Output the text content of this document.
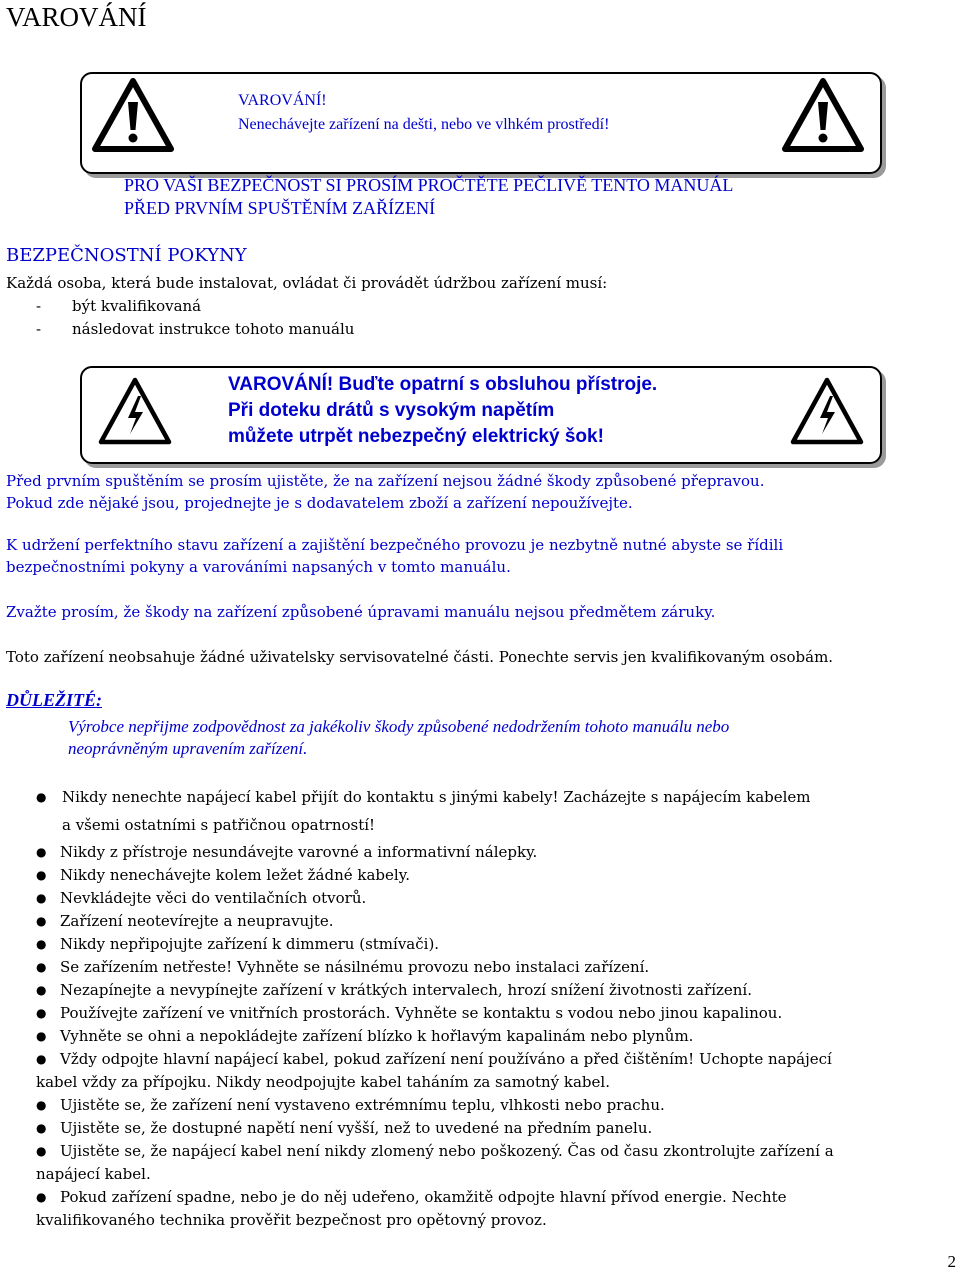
VAROVÁNÍ
VAROVÁNÍ!
Nenechávejte zařízení na dešti, nebo ve vlhkém prostředí!
PRO VAŠI BEZPEČNOST SI PROSÍM PROČTĚTE PEČLIVĚ TENTO MANUÁL
PŘED PRVNÍM SPUŠTĚNÍM ZAŘÍZENÍ
BEZPEČNOSTNÍ POKYNY
Každá osoba, která bude instalovat, ovládat či provádět údržbou zařízení musí:
- být kvalifikovaná
- následovat instrukce tohoto manuálu
VAROVÁNÍ! Buďte opatrní s obsluhou přístroje.
Při doteku drátů s vysokým napětím
můžete utrpět nebezpečný elektrický šok!
Před prvním spuštěním se prosím ujistěte, že na zařízení nejsou žádné škody způsobené přepravou.
Pokud zde nějaké jsou, projednejte je s dodavatelem zboží a zařízení nepoužívejte.
K udržení perfektního stavu zařízení a zajištění bezpečného provozu je nezbytně nutné abyste se řídili
bezpečnostními pokyny a varováními napsaných v tomto manuálu.
Zvažte prosím, že škody na zařízení způsobené úpravami manuálu nejsou předmětem záruky.
Toto zařízení neobsahuje žádné uživatelsky servisovatelné části. Ponechte servis jen kvalifikovaným osobám.
DŮLEŽITÉ:
Výrobce nepřijme zodpovědnost za jakékoliv škody způsobené nedodržením tohoto manuálu nebo
neoprávněným upravením zařízení.
● Nikdy nenechte napájecí kabel přijít do kontaktu s jinými kabely! Zacházejte s napájecím kabelem
a všemi ostatními s patřičnou opatrností!
● Nikdy z přístroje nesundávejte varovné a informativní nálepky.
● Nikdy nenechávejte kolem ležet žádné kabely.
● Nevkládejte věci do ventilačních otvorů.
● Zařízení neotevírejte a neupravujte.
● Nikdy nepřipojujte zařízení k dimmeru (stmívači).
● Se zařízením netřeste! Vyhněte se násilnému provozu nebo instalaci zařízení.
● Nezapínejte a nevypínejte zařízení v krátkých intervalech, hrozí snížení životnosti zařízení.
● Používejte zařízení ve vnitřních prostorách. Vyhněte se kontaktu s vodou nebo jinou kapalinou.
● Vyhněte se ohni a nepokládejte zařízení blízko k hořlavým kapalinám nebo plynům.
● Vždy odpojte hlavní napájecí kabel, pokud zařízení není používáno a před čištěním! Uchopte napájecí
kabel vždy za přípojku. Nikdy neodpojujte kabel taháním za samotný kabel.
● Ujistěte se, že zařízení není vystaveno extrémnímu teplu, vlhkosti nebo prachu.
● Ujistěte se, že dostupné napětí není vyšší, než to uvedené na předním panelu.
● Ujistěte se, že napájecí kabel není nikdy zlomený nebo poškozený. Čas od času zkontrolujte zařízení a
napájecí kabel.
● Pokud zařízení spadne, nebo je do něj udeřeno, okamžitě odpojte hlavní přívod energie. Nechte
kvalifikovaného technika prověřit bezpečnost pro opětovný provoz.
2
